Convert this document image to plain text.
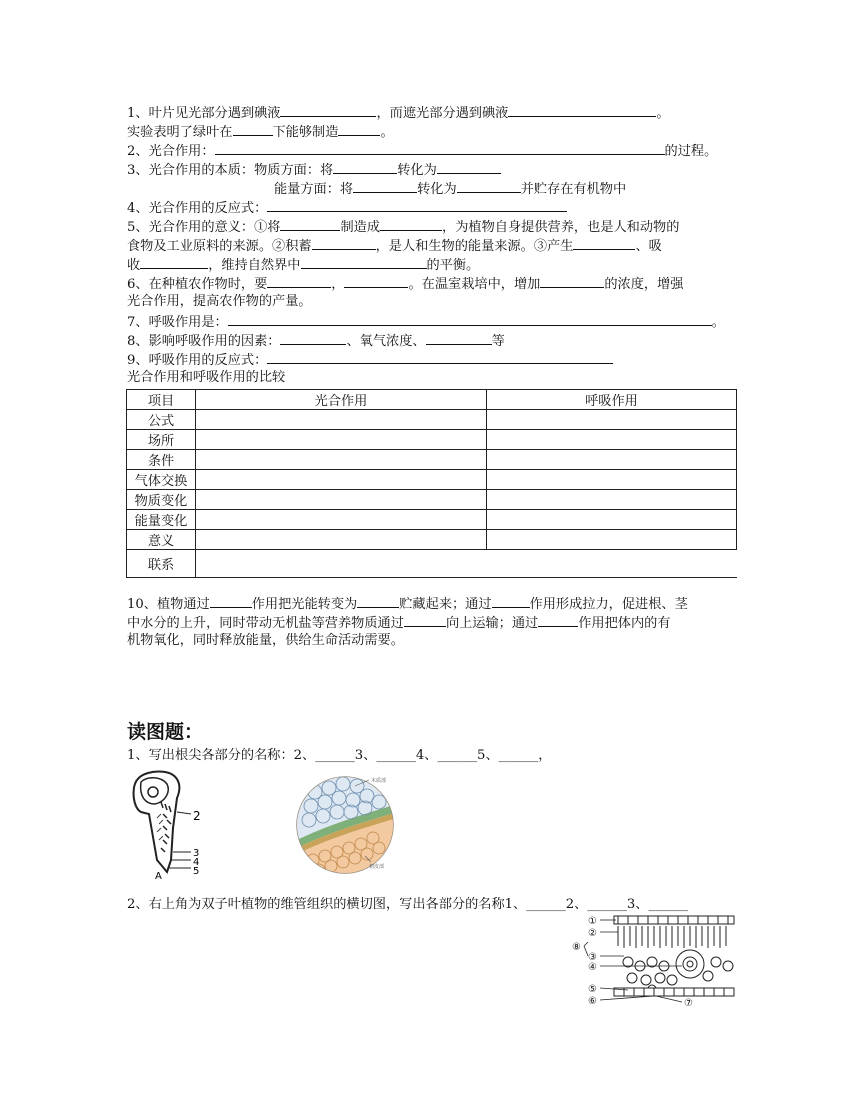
1、叶片见光部分遇到碘液	，而遮光部分遇到碘液	。
实验表明了绿叶在	下能够制造	。
2、光合作用：	的过程。
3、光合作用的本质：物质方面：将	转化为
能量方面：将	转化为	并贮存在有机物中
4、光合作用的反应式：
5、光合作用的意义：①将	制造成	，为植物自身提供营养，也是人和动物的
食物及工业原料的来源。②积蓄	，是人和生物的能量来源。③产生	、吸
收	，维持自然界中	的平衡。
6、在种植农作物时，要	，	。在温室栽培中，增加	的浓度，增强
光合作用，提高农作物的产量。
7、呼吸作用是：	。
8、影响呼吸作用的因素：	、氧气浓度、	等
9、呼吸作用的反应式：
光合作用和呼吸作用的比较
项目	光合作用	呼吸作用
公式		
场所		
条件		
气体交换		
物质变化		
能量变化		
意义		
联系		
10、植物通过	作用把光能转变为	贮藏起来；通过	作用形成拉力，促进根、茎
中水分的上升，同时带动无机盐等营养物质通过	向上运输；通过	作用把体内的有
机物氧化，同时释放能量，供给生命活动需要。
读图题：
1、写出根尖各部分的名称：2、______3、______4、______5、______，
2
3
4
5
A
木质部
韧皮部
2、右上角为双子叶植物的维管组织的横切图，写出各部分的名称1、______2、______3、______
①
②
③
④
⑤
⑥	⑦
⑧
